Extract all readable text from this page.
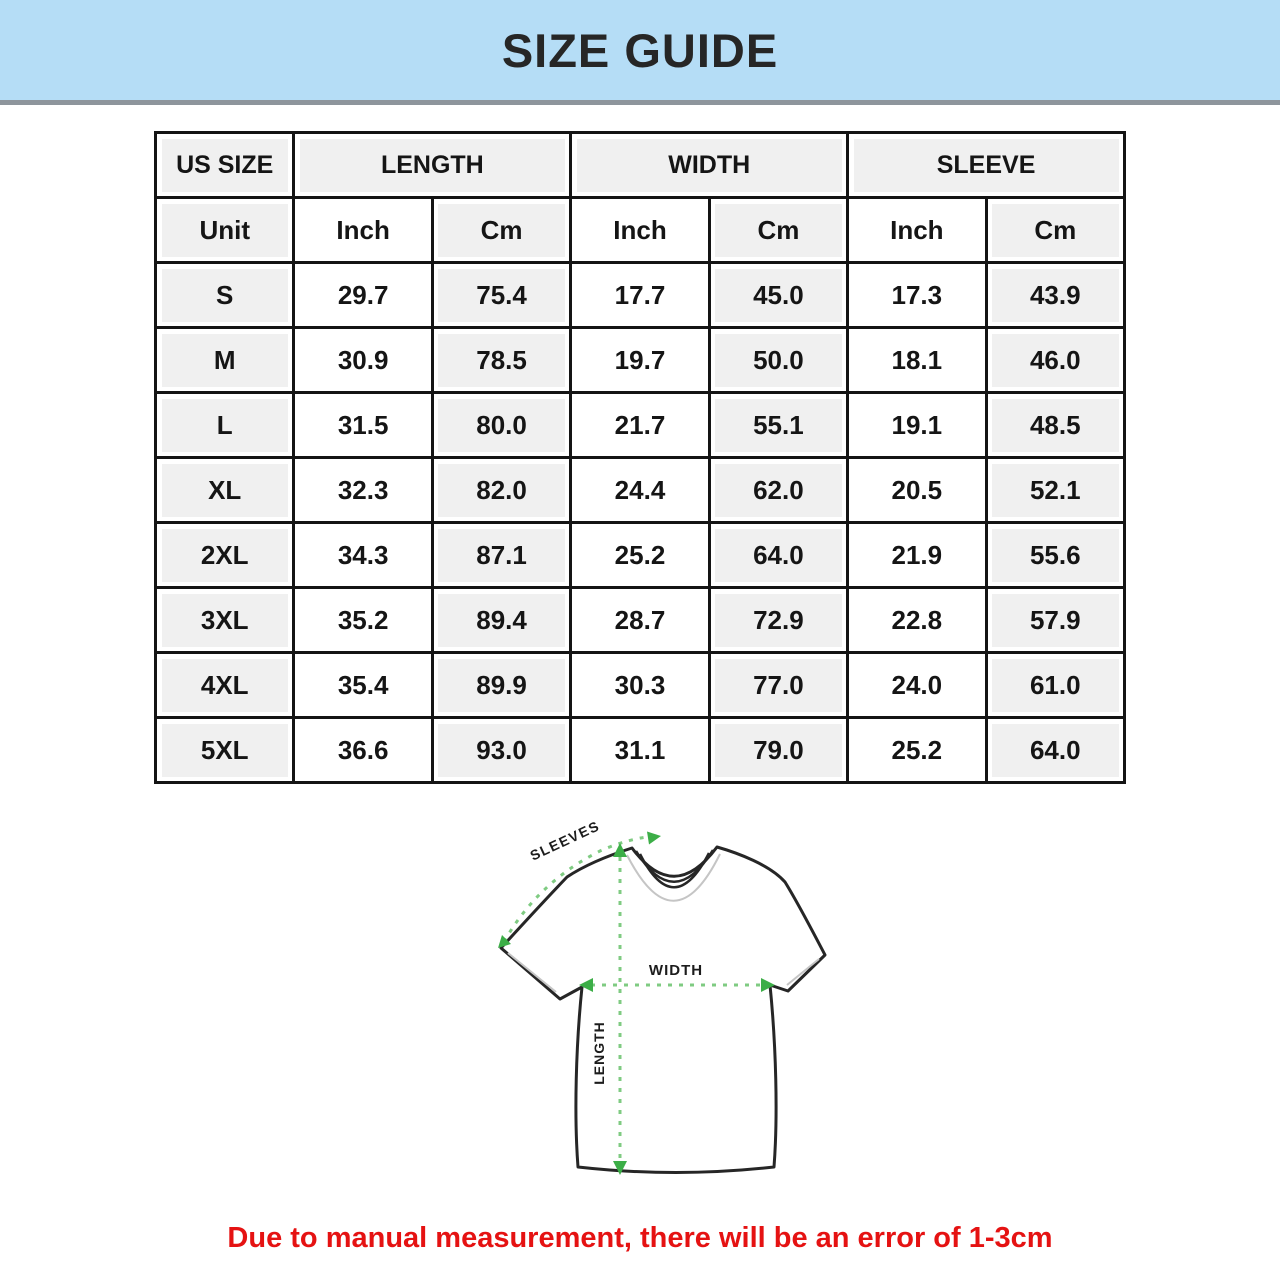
SIZE GUIDE
US SIZE	LENGTH		WIDTH		SLEEVE	
Unit	Inch	Cm	Inch	Cm	Inch	Cm
S	29.7	75.4	17.7	45.0	17.3	43.9
M	30.9	78.5	19.7	50.0	18.1	46.0
L	31.5	80.0	21.7	55.1	19.1	48.5
XL	32.3	82.0	24.4	62.0	20.5	52.1
2XL	34.3	87.1	25.2	64.0	21.9	55.6
3XL	35.2	89.4	28.7	72.9	22.8	57.9
4XL	35.4	89.9	30.3	77.0	24.0	61.0
5XL	36.6	93.0	31.1	79.0	25.2	64.0
SLEEVES
WIDTH
LENGTH

Due to manual measurement, there will be an error of 1-3cm
